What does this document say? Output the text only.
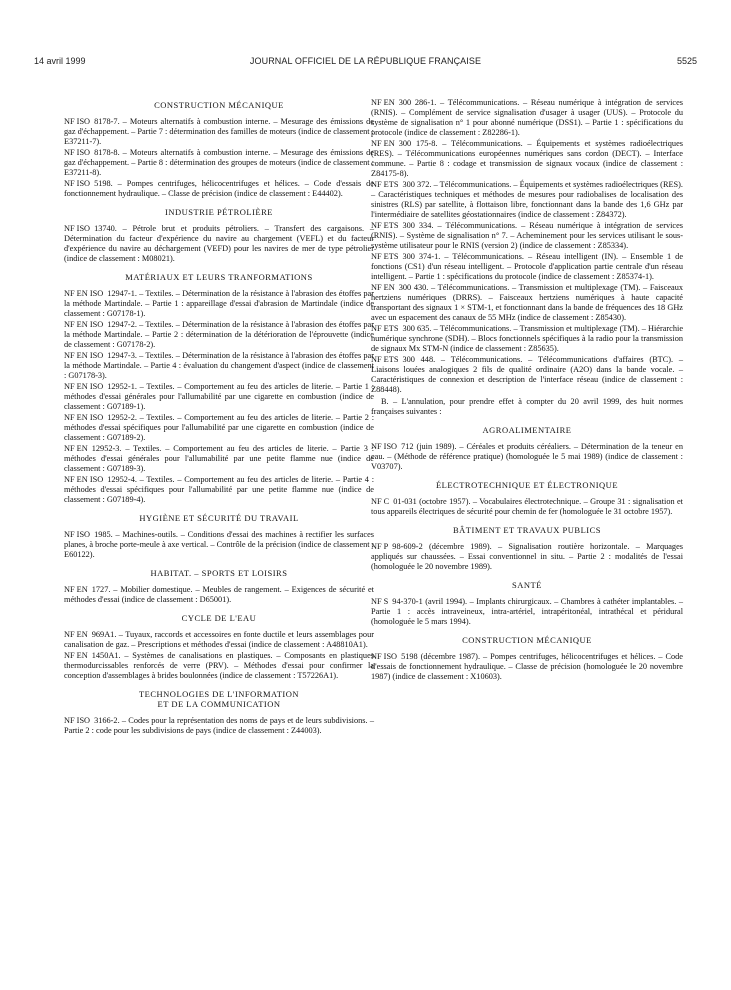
14 avril 1999	JOURNAL OFFICIEL DE LA RÉPUBLIQUE FRANÇAISE	5525
CONSTRUCTION MÉCANIQUE
NF ISO 8178-7. – Moteurs alternatifs à combustion interne. – Mesurage des émissions de gaz d'échappement. – Partie 7 : détermination des familles de moteurs (indice de classement : E37211-7).
NF ISO 8178-8. – Moteurs alternatifs à combustion interne. – Mesurage des émissions de gaz d'échappement. – Partie 8 : détermination des groupes de moteurs (indice de classement : E37211-8).
NF ISO 5198. – Pompes centrifuges, hélicocentrifuges et hélices. – Code d'essais de fonctionnement hydraulique. – Classe de précision (indice de classement : E44402).
INDUSTRIE PÉTROLIÈRE
NF ISO 13740. – Pétrole brut et produits pétroliers. – Transfert des cargaisons. – Détermination du facteur d'expérience du navire au chargement (VEFL) et du facteur d'expérience du navire au déchargement (VEFD) pour les navires de mer de type pétrolier (indice de classement : M08021).
MATÉRIAUX ET LEURS TRANFORMATIONS
NF EN ISO 12947-1. – Textiles. – Détermination de la résistance à l'abrasion des étoffes par la méthode Martindale. – Partie 1 : appareillage d'essai d'abrasion de Martindale (indice de classement : G07178-1).
NF EN ISO 12947-2. – Textiles. – Détermination de la résistance à l'abrasion des étoffes par la méthode Martindale. – Partie 2 : détermination de la détérioration de l'éprouvette (indice de classement : G07178-2).
NF EN ISO 12947-3. – Textiles. – Détermination de la résistance à l'abrasion des étoffes par la méthode Martindale. – Partie 4 : évaluation du changement d'aspect (indice de classement : G07178-3).
NF EN ISO 12952-1. – Textiles. – Comportement au feu des articles de literie. – Partie 1 : méthodes d'essai générales pour l'allumabilité par une cigarette en combustion (indice de classement : G07189-1).
NF EN ISO 12952-2. – Textiles. – Comportement au feu des articles de literie. – Partie 2 : méthodes d'essai spécifiques pour l'allumabilité par une cigarette en combustion (indice de classement : G07189-2).
NF EN 12952-3. – Textiles. – Comportement au feu des articles de literie. – Partie 3 : méthodes d'essai générales pour l'allumabilité par une petite flamme nue (indice de classement : G07189-3).
NF EN ISO 12952-4. – Textiles. – Comportement au feu des articles de literie. – Partie 4 : méthodes d'essai spécifiques pour l'allumabilité par une petite flamme nue (indice de classement : G07189-4).
HYGIÈNE ET SÉCURITÉ DU TRAVAIL
NF ISO 1985. – Machines-outils. – Conditions d'essai des machines à rectifier les surfaces planes, à broche porte-meule à axe vertical. – Contrôle de la précision (indice de classement : E60122).
HABITAT. – SPORTS ET LOISIRS
NF EN 1727. – Mobilier domestique. – Meubles de rangement. – Exigences de sécurité et méthodes d'essai (indice de classement : D65001).
CYCLE DE L'EAU
NF EN 969A1. – Tuyaux, raccords et accessoires en fonte ductile et leurs assemblages pour canalisation de gaz. – Prescriptions et méthodes d'essai (indice de classement : A48810A1).
NF EN 1450A1. – Systèmes de canalisations en plastiques. – Composants en plastiques thermodurcissables renforcés de verre (PRV). – Méthodes d'essai pour confirmer la conception d'assemblages à brides boulonnées (indice de classement : T57226A1).
TECHNOLOGIES DE L'INFORMATION
ET DE LA COMMUNICATION
NF ISO 3166-2. – Codes pour la représentation des noms de pays et de leurs subdivisions. – Partie 2 : code pour les subdivisions de pays (indice de classement : Z44003).
NF EN 300 286-1. – Télécommunications. – Réseau numérique à intégration de services (RNIS). – Complément de service signalisation d'usager à usager (UUS). – Protocole du système de signalisation n° 1 pour abonné numérique (DSS1). – Partie 1 : spécifications du protocole (indice de classement : Z82286-1).
NF EN 300 175-8. – Télécommunications. – Équipements et systèmes radioélectriques (RES). – Télécommunications européennes numériques sans cordon (DECT). – Interface commune. – Partie 8 : codage et transmission de signaux vocaux (indice de classement : Z84175-8).
NF ETS 300 372. – Télécommunications. – Équipements et systèmes radioélectriques (RES). – Caractéristiques techniques et méthodes de mesures pour radiobalises de localisation des sinistres (RLS) par satellite, à flottaison libre, fonctionnant dans la bande des 1,6 GHz par l'intermédiaire de satellites géostationnaires (indice de classement : Z84372).
NF ETS 300 334. – Télécommunications. – Réseau numérique à intégration de services (RNIS). – Système de signalisation n° 7. – Acheminement pour les services utilisant le sous-système utilisateur pour le RNIS (version 2) (indice de classement : Z85334).
NF ETS 300 374-1. – Télécommunications. – Réseau intelligent (IN). – Ensemble 1 de fonctions (CS1) d'un réseau intelligent. – Protocole d'application partie centrale d'un réseau intelligent. – Partie 1 : spécifications du protocole (indice de classement : Z85374-1).
NF EN 300 430. – Télécommunications. – Transmission et multiplexage (TM). – Faisceaux hertziens numériques (DRRS). – Faisceaux hertziens numériques à haute capacité transportant des signaux 1 × STM-1, et fonctionnant dans la bande de fréquences des 18 GHz avec un espacement des canaux de 55 MHz (indice de classement : Z85430).
NF ETS 300 635. – Télécommunications. – Transmission et multiplexage (TM). – Hiérarchie numérique synchrone (SDH). – Blocs fonctionnels spécifiques à la radio pour la transmission de signaux Mx STM-N (indice de classement : Z85635).
NF ETS 300 448. – Télécommunications. – Télécommunications d'affaires (BTC). – Liaisons louées analogiques 2 fils de qualité ordinaire (A2O) dans la bande vocale. – Caractéristiques de connexion et description de l'interface réseau (indice de classement : Z88448).
B. – L'annulation, pour prendre effet à compter du 20 avril 1999, des huit normes françaises suivantes :
AGROALIMENTAIRE
NF ISO 712 (juin 1989). – Céréales et produits céréaliers. – Détermination de la teneur en eau. – (Méthode de référence pratique) (homologuée le 5 mai 1989) (indice de classement : V03707).
ÉLECTROTECHNIQUE ET ÉLECTRONIQUE
NF C 01-031 (octobre 1957). – Vocabulaires électrotechnique. – Groupe 31 : signalisation et tous appareils électriques de sécurité pour chemin de fer (homologuée le 31 octobre 1957).
BÂTIMENT ET TRAVAUX PUBLICS
NF P 98-609-2 (décembre 1989). – Signalisation routière horizontale. – Marquages appliqués sur chaussées. – Essai conventionnel in situ. – Partie 2 : modalités de l'essai (homologuée le 20 novembre 1989).
SANTÉ
NF S 94-370-1 (avril 1994). – Implants chirurgicaux. – Chambres à cathéter implantables. – Partie 1 : accès intraveineux, intra-artériel, intrapéritonéal, intrathécal et péridural (homologuée le 5 mars 1994).
CONSTRUCTION MÉCANIQUE
NF ISO 5198 (décembre 1987). – Pompes centrifuges, hélicocentrifuges et hélices. – Code d'essais de fonctionnement hydraulique. – Classe de précision (homologuée le 20 novembre 1987) (indice de classement : X10603).
